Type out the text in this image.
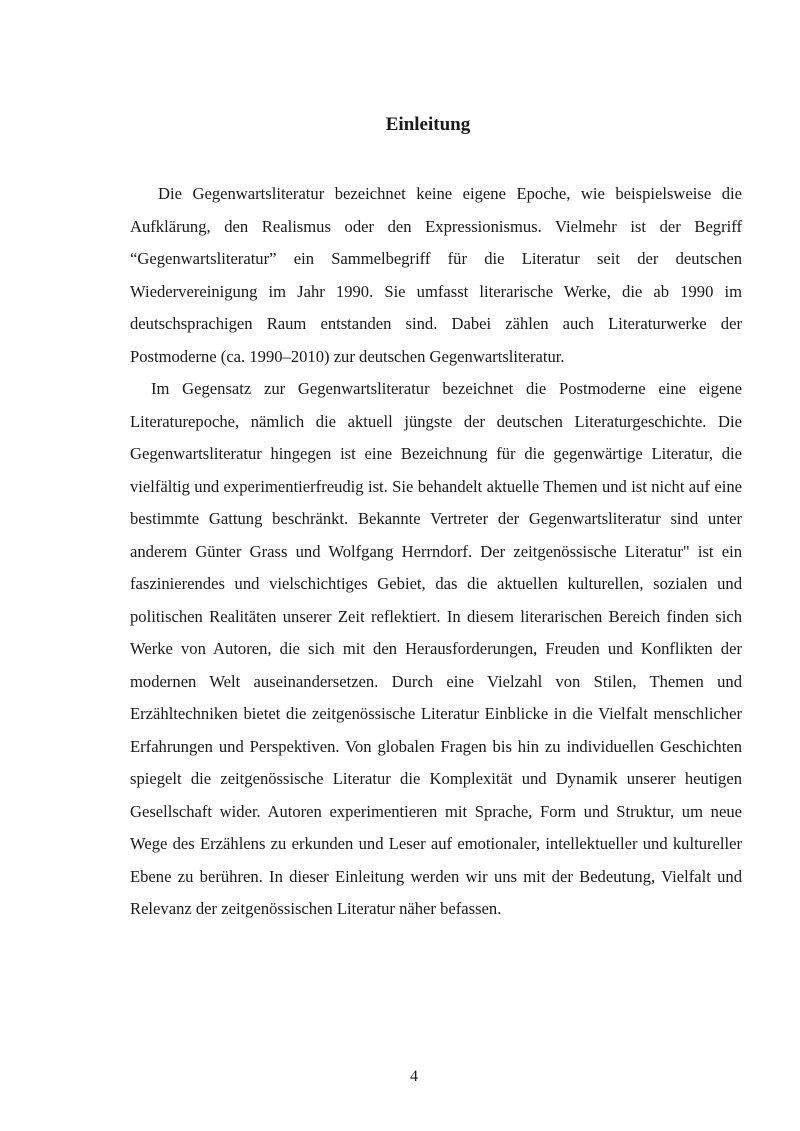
Einleitung

Die Gegenwartsliteratur bezeichnet keine eigene Epoche, wie beispielsweise die Aufklärung, den Realismus oder den Expressionismus. Vielmehr ist der Begriff “Gegenwartsliteratur” ein Sammelbegriff für die Literatur seit der deutschen Wiedervereinigung im Jahr 1990. Sie umfasst literarische Werke, die ab 1990 im deutschsprachigen Raum entstanden sind. Dabei zählen auch Literaturwerke der Postmoderne (ca. 1990–2010) zur deutschen Gegenwartsliteratur.

Im Gegensatz zur Gegenwartsliteratur bezeichnet die Postmoderne eine eigene Literaturepoche, nämlich die aktuell jüngste der deutschen Literaturgeschichte. Die Gegenwartsliteratur hingegen ist eine Bezeichnung für die gegenwärtige Literatur, die vielfältig und experimentierfreudig ist. Sie behandelt aktuelle Themen und ist nicht auf eine bestimmte Gattung beschränkt. Bekannte Vertreter der Gegenwartsliteratur sind unter anderem Günter Grass und Wolfgang Herrndorf. Der zeitgenössische Literatur" ist ein faszinierendes und vielschichtiges Gebiet, das die aktuellen kulturellen, sozialen und politischen Realitäten unserer Zeit reflektiert. In diesem literarischen Bereich finden sich Werke von Autoren, die sich mit den Herausforderungen, Freuden und Konflikten der modernen Welt auseinandersetzen. Durch eine Vielzahl von Stilen, Themen und Erzähltechniken bietet die zeitgenössische Literatur Einblicke in die Vielfalt menschlicher Erfahrungen und Perspektiven. Von globalen Fragen bis hin zu individuellen Geschichten spiegelt die zeitgenössische Literatur die Komplexität und Dynamik unserer heutigen Gesellschaft wider. Autoren experimentieren mit Sprache, Form und Struktur, um neue Wege des Erzählens zu erkunden und Leser auf emotionaler, intellektueller und kultureller Ebene zu berühren. In dieser Einleitung werden wir uns mit der Bedeutung, Vielfalt und Relevanz der zeitgenössischen Literatur näher befassen.

4
